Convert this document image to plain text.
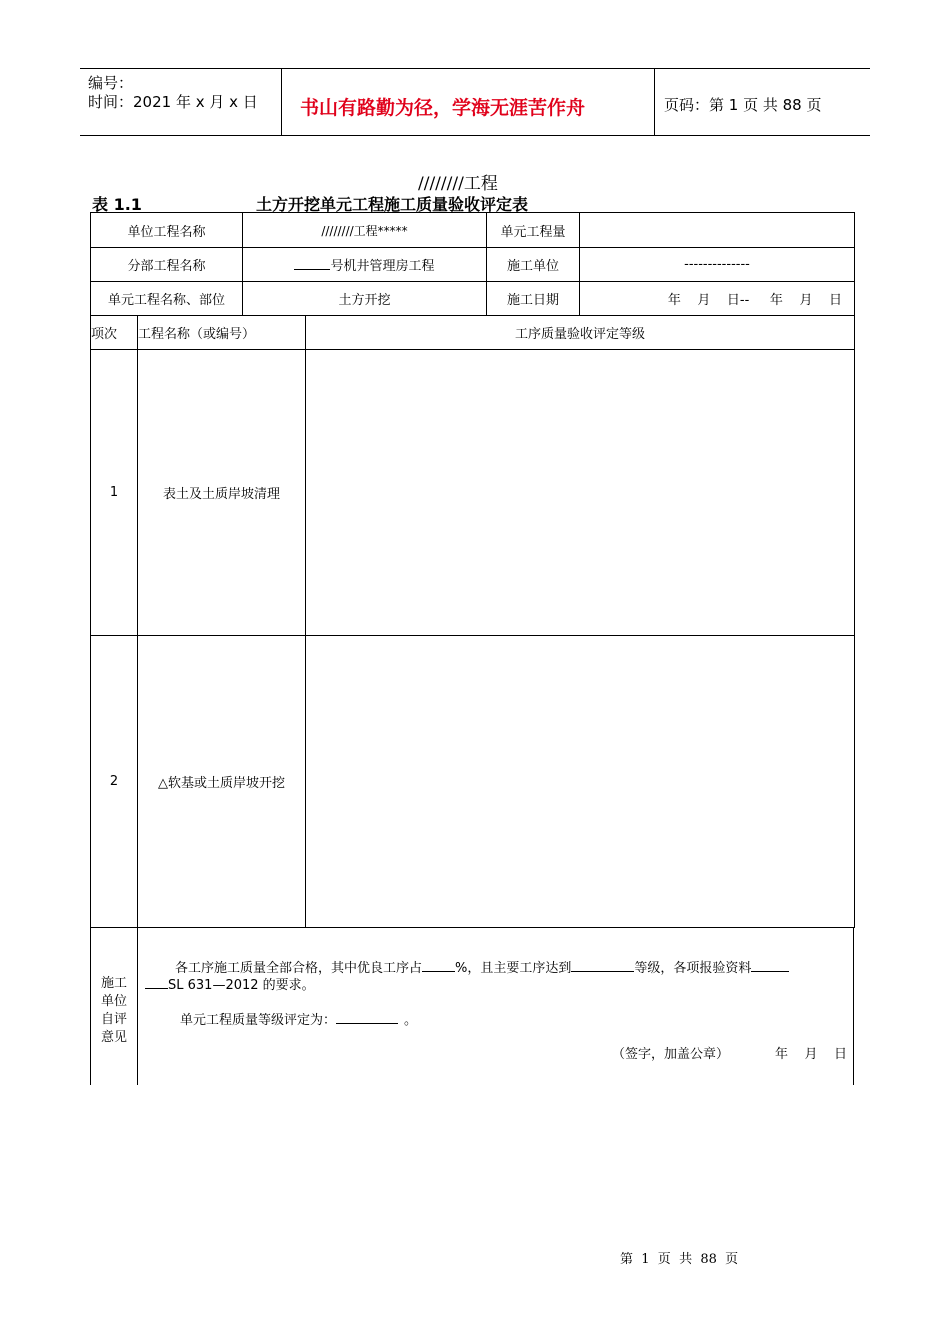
编号：
时间：2021 年 x 月 x 日 书山有路勤为径，学海无涯苦作舟	页码：第 1 页 共 88 页
////////工程
表 1.1	土方开挖单元工程施工质量验收评定表
单位工程名称	////////工程*****	单元工程量	
分部工程名称	号机井管理房工程	施工单位	--------------
单元工程名称、部位	土方开挖	施工日期	年    月    日--     年    月    日
项次	工程名称（或编号）	工序质量验收评定等级
1	表土及土质岸坡清理	
2	△软基或土质岸坡开挖	
施工
单位
自评
意见
各工序施工质量全部合格，其中优良工序占	%，且主要工序达到	等级，各项报验资料
SL 631—2012 的要求。
单元工程质量等级评定为：	。
（签字，加盖公章）	年    月    日
第  1  页  共  88  页
